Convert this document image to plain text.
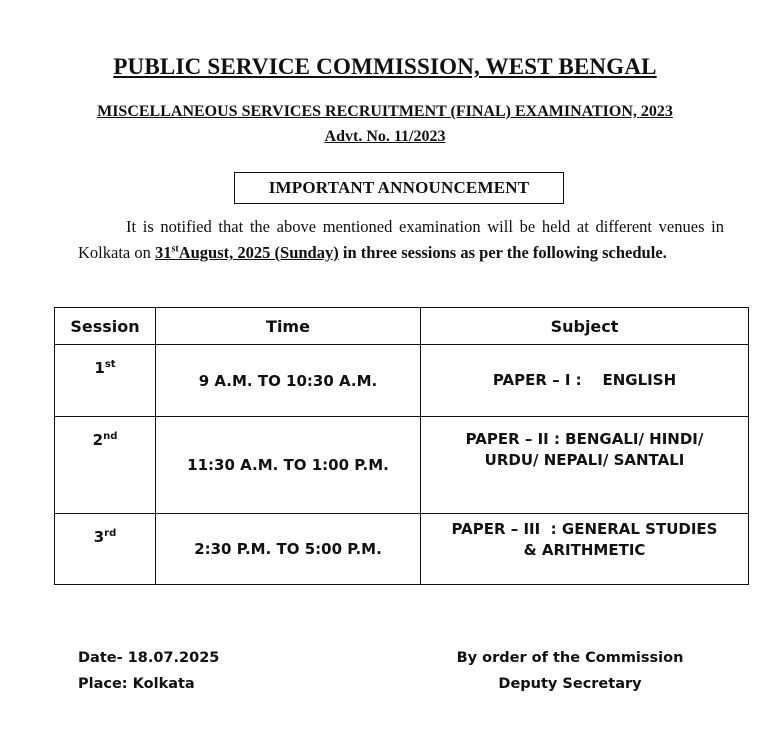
PUBLIC SERVICE COMMISSION, WEST BENGAL
MISCELLANEOUS SERVICES RECRUITMENT (FINAL) EXAMINATION, 2023
Advt. No. 11/2023
IMPORTANT ANNOUNCEMENT
It is notified that the above mentioned examination will be held at different venues in Kolkata on 31stAugust, 2025 (Sunday) in three sessions as per the following schedule.
Session	Time	Subject
1st	9 A.M. TO 10:30 A.M.	PAPER – I :    ENGLISH

2nd	11:30 A.M. TO 1:00 P.M.	PAPER – II : BENGALI/ HINDI/
URDU/ NEPALI/ SANTALI

3rd	2:30 P.M. TO 5:00 P.M.	PAPER – III  : GENERAL STUDIES
& ARITHMETIC
Date- 18.07.2025
Place: Kolkata
By order of the Commission
Deputy Secretary
